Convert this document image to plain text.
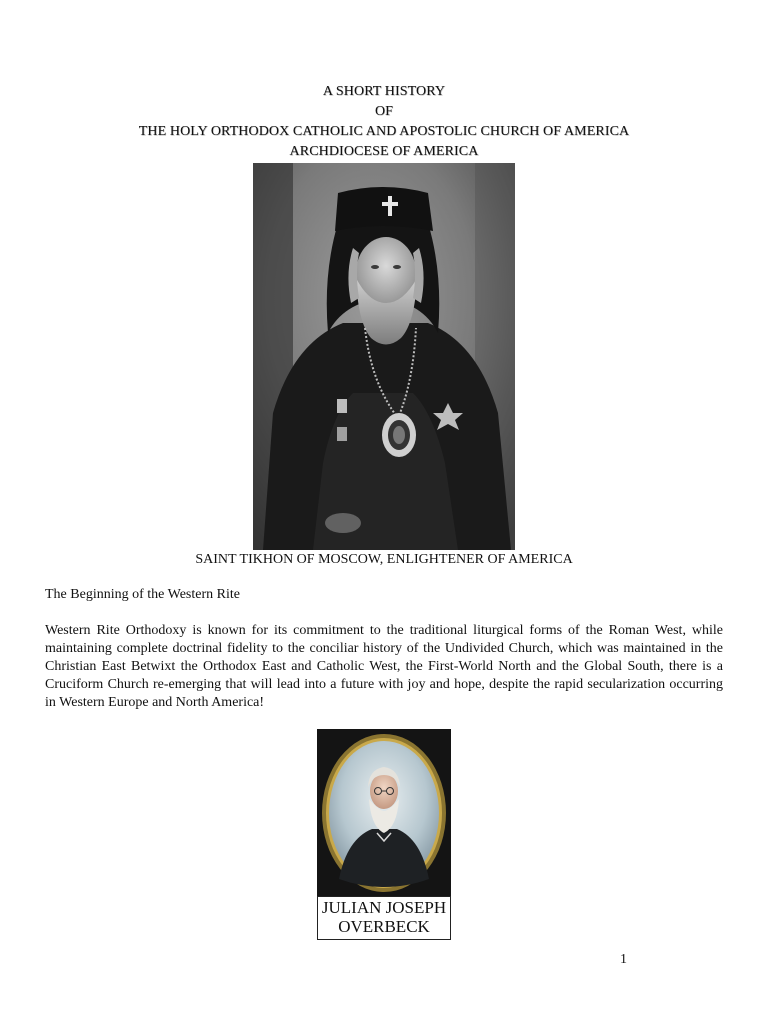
A SHORT HISTORY
OF
THE HOLY ORTHODOX CATHOLIC AND APOSTOLIC CHURCH OF AMERICA
ARCHDIOCESE OF AMERICA
SAINT TIKHON OF MOSCOW, ENLIGHTENER OF AMERICA
The Beginning of the Western Rite
Western Rite Orthodoxy is known for its commitment to the traditional liturgical forms of the Roman West, while maintaining complete doctrinal fidelity to the conciliar history of the Undivided Church, which was maintained in the Christian East Betwixt the Orthodox East and Catholic West, the First-World North and the Global South, there is a Cruciform Church re-emerging that will lead into a future with joy and hope, despite the rapid secularization occurring in Western Europe and North America!
JULIAN JOSEPH
OVERBECK
1
